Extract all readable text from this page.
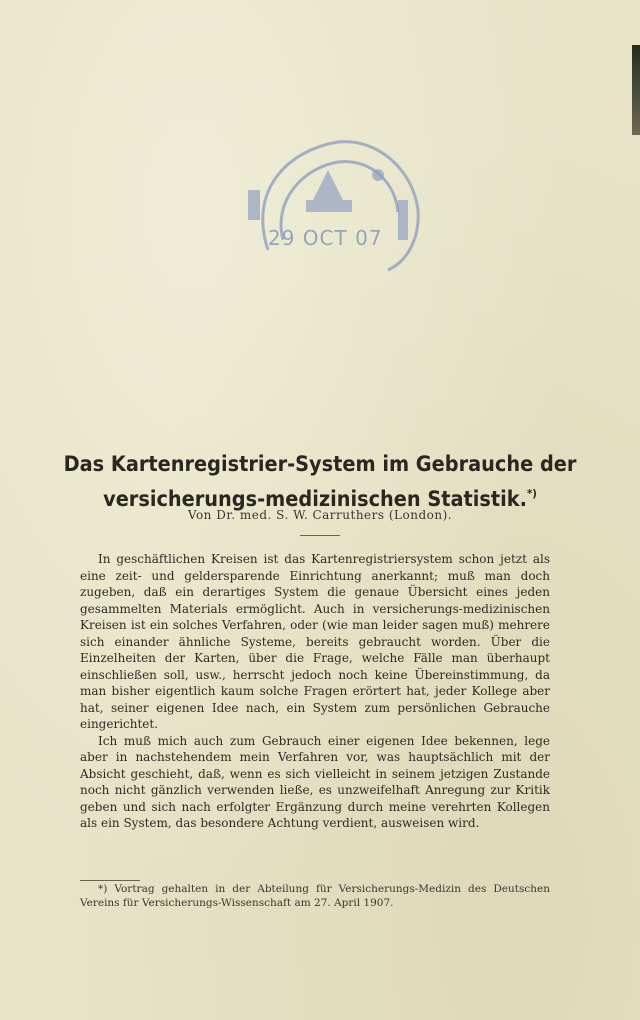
29 OCT 07
Das Kartenregistrier-System im Gebrauche der
versicherungs-medizinischen Statistik.*)
Von Dr. med. S. W. Carruthers (London).

In geschäftlichen Kreisen ist das Kartenregistriersystem schon jetzt als eine zeit- und geldersparende Einrichtung anerkannt; muß man doch zugeben, daß ein derartiges System die genaue Übersicht eines jeden gesammelten Materials ermöglicht. Auch in versicherungs-medizinischen Kreisen ist ein solches Verfahren, oder (wie man leider sagen muß) mehrere sich einander ähnliche Systeme, bereits gebraucht worden. Über die Einzelheiten der Karten, über die Frage, welche Fälle man überhaupt einschließen soll, usw., herrscht jedoch noch keine Übereinstimmung, da man bisher eigentlich kaum solche Fragen erörtert hat, jeder Kollege aber hat, seiner eigenen Idee nach, ein System zum persönlichen Gebrauche eingerichtet.

Ich muß mich auch zum Gebrauch einer eigenen Idee bekennen, lege aber in nachstehendem mein Verfahren vor, was hauptsächlich mit der Absicht geschieht, daß, wenn es sich vielleicht in seinem jetzigen Zustande noch nicht gänzlich verwenden ließe, es unzweifelhaft Anregung zur Kritik geben und sich nach erfolgter Ergänzung durch meine verehrten Kollegen als ein System, das besondere Achtung verdient, ausweisen wird.

*) Vortrag gehalten in der Abteilung für Versicherungs-Medizin des Deutschen Vereins für Versicherungs-Wissenschaft am 27. April 1907.
